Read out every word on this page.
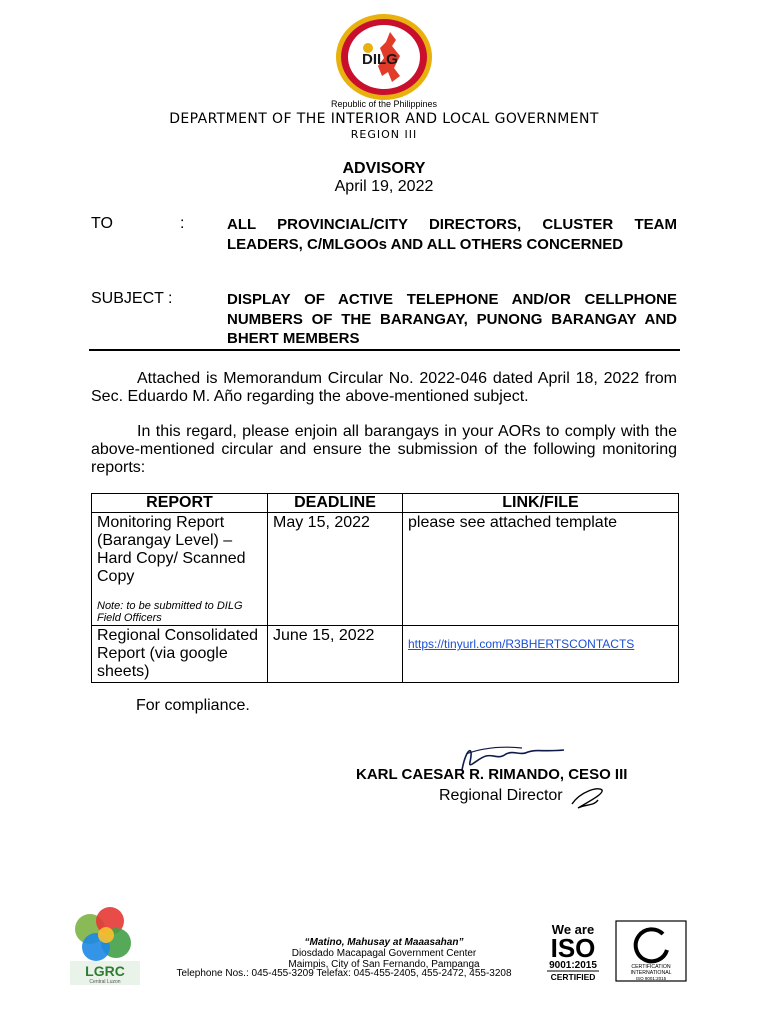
DILG
Republic of the Philippines
DEPARTMENT OF THE INTERIOR AND LOCAL GOVERNMENT
REGION III
ADVISORY
April 19, 2022
TO	:	ALL PROVINCIAL/CITY DIRECTORS, CLUSTER TEAM LEADERS, C/MLGOOs AND ALL OTHERS CONCERNED
SUBJECT :	DISPLAY OF ACTIVE TELEPHONE AND/OR CELLPHONE NUMBERS OF THE BARANGAY, PUNONG BARANGAY AND BHERT MEMBERS
Attached is Memorandum Circular No. 2022-046 dated April 18, 2022 from Sec. Eduardo M. Año regarding the above-mentioned subject.
In this regard, please enjoin all barangays in your AORs to comply with the above-mentioned circular and ensure the submission of the following monitoring reports:
REPORT	DEADLINE	LINK/FILE

Monitoring Report (Barangay Level) – Hard Copy/ Scanned Copy
Note: to be submitted to DILG Field Officers	May 15, 2022	please see attached template
Regional Consolidated Report (via google sheets)	June 15, 2022	https://tinyurl.com/R3BHERTSCONTACTS
For compliance.
KARL CAESAR R. RIMANDO, CESO III
Regional Director
LGRC
Central Luzon
“Matino, Mahusay at Maaasahan”
Diosdado Macapagal Government Center
Maimpis, City of San Fernando, Pampanga
Telephone Nos.: 045-455-3209 Telefax: 045-455-2405, 455-2472, 455-3208
We are
ISO
9001:2015
CERTIFIED
CERTIFICATION
INTERNATIONAL
ISO 9001:2015
